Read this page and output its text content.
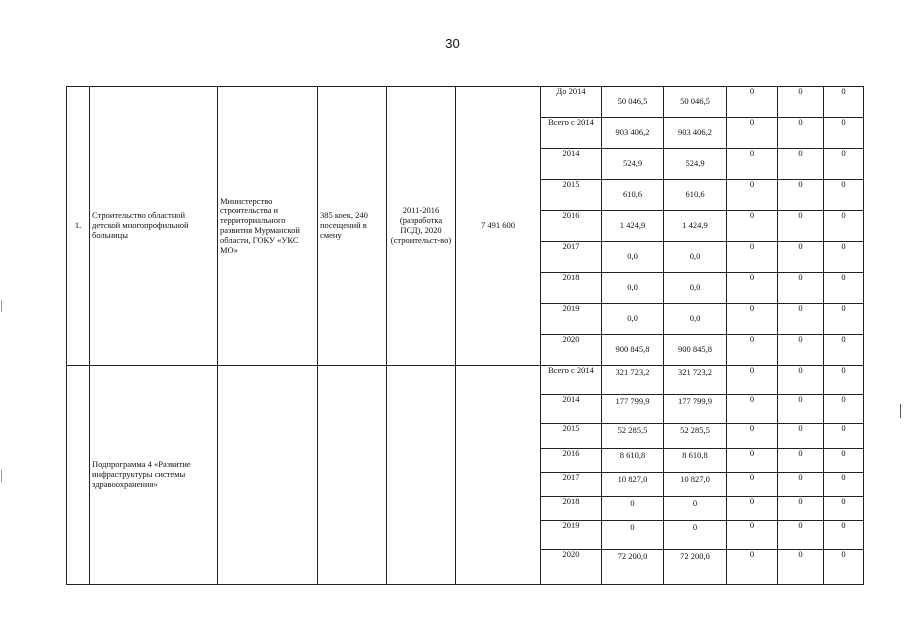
30
1.	Строительство областной детской многопрофильной больницы	Министерство строительства и территориального развития Мурманской области, ГОКУ «УКС МО»	385 коек, 240 посещений в смену	2011-2016 (разработка ПСД), 2020 (строительст-во)	7 491 600	До 2014	50 046,5	50 046,5	0	0	0
						Всего с 2014	903 406,2	903 406,2	0	0	0
						2014	524,9	524,9	0	0	0
						2015	610,6	610,6	0	0	0
						2016	1 424,9	1 424,9	0	0	0
						2017	0,0	0,0	0	0	0
						2018	0,0	0,0	0	0	0
						2019	0,0	0,0	0	0	0
						2020	900 845,8	900 845,8	0	0	0
	Подпрограмма 4 «Развитие инфраструктуры системы здравоохранения»					Всего с 2014	321 723,2	321 723,2	0	0	0
						2014	177 799,9	177 799,9	0	0	0
						2015	52 285,5	52 285,5	0	0	0
						2016	8 610,8	8 610,8	0	0	0
						2017	10 827,0	10 827,0	0	0	0
						2018	0	0	0	0	0
						2019	0	0	0	0	0
						2020	72 200,0	72 200,0	0	0	0
